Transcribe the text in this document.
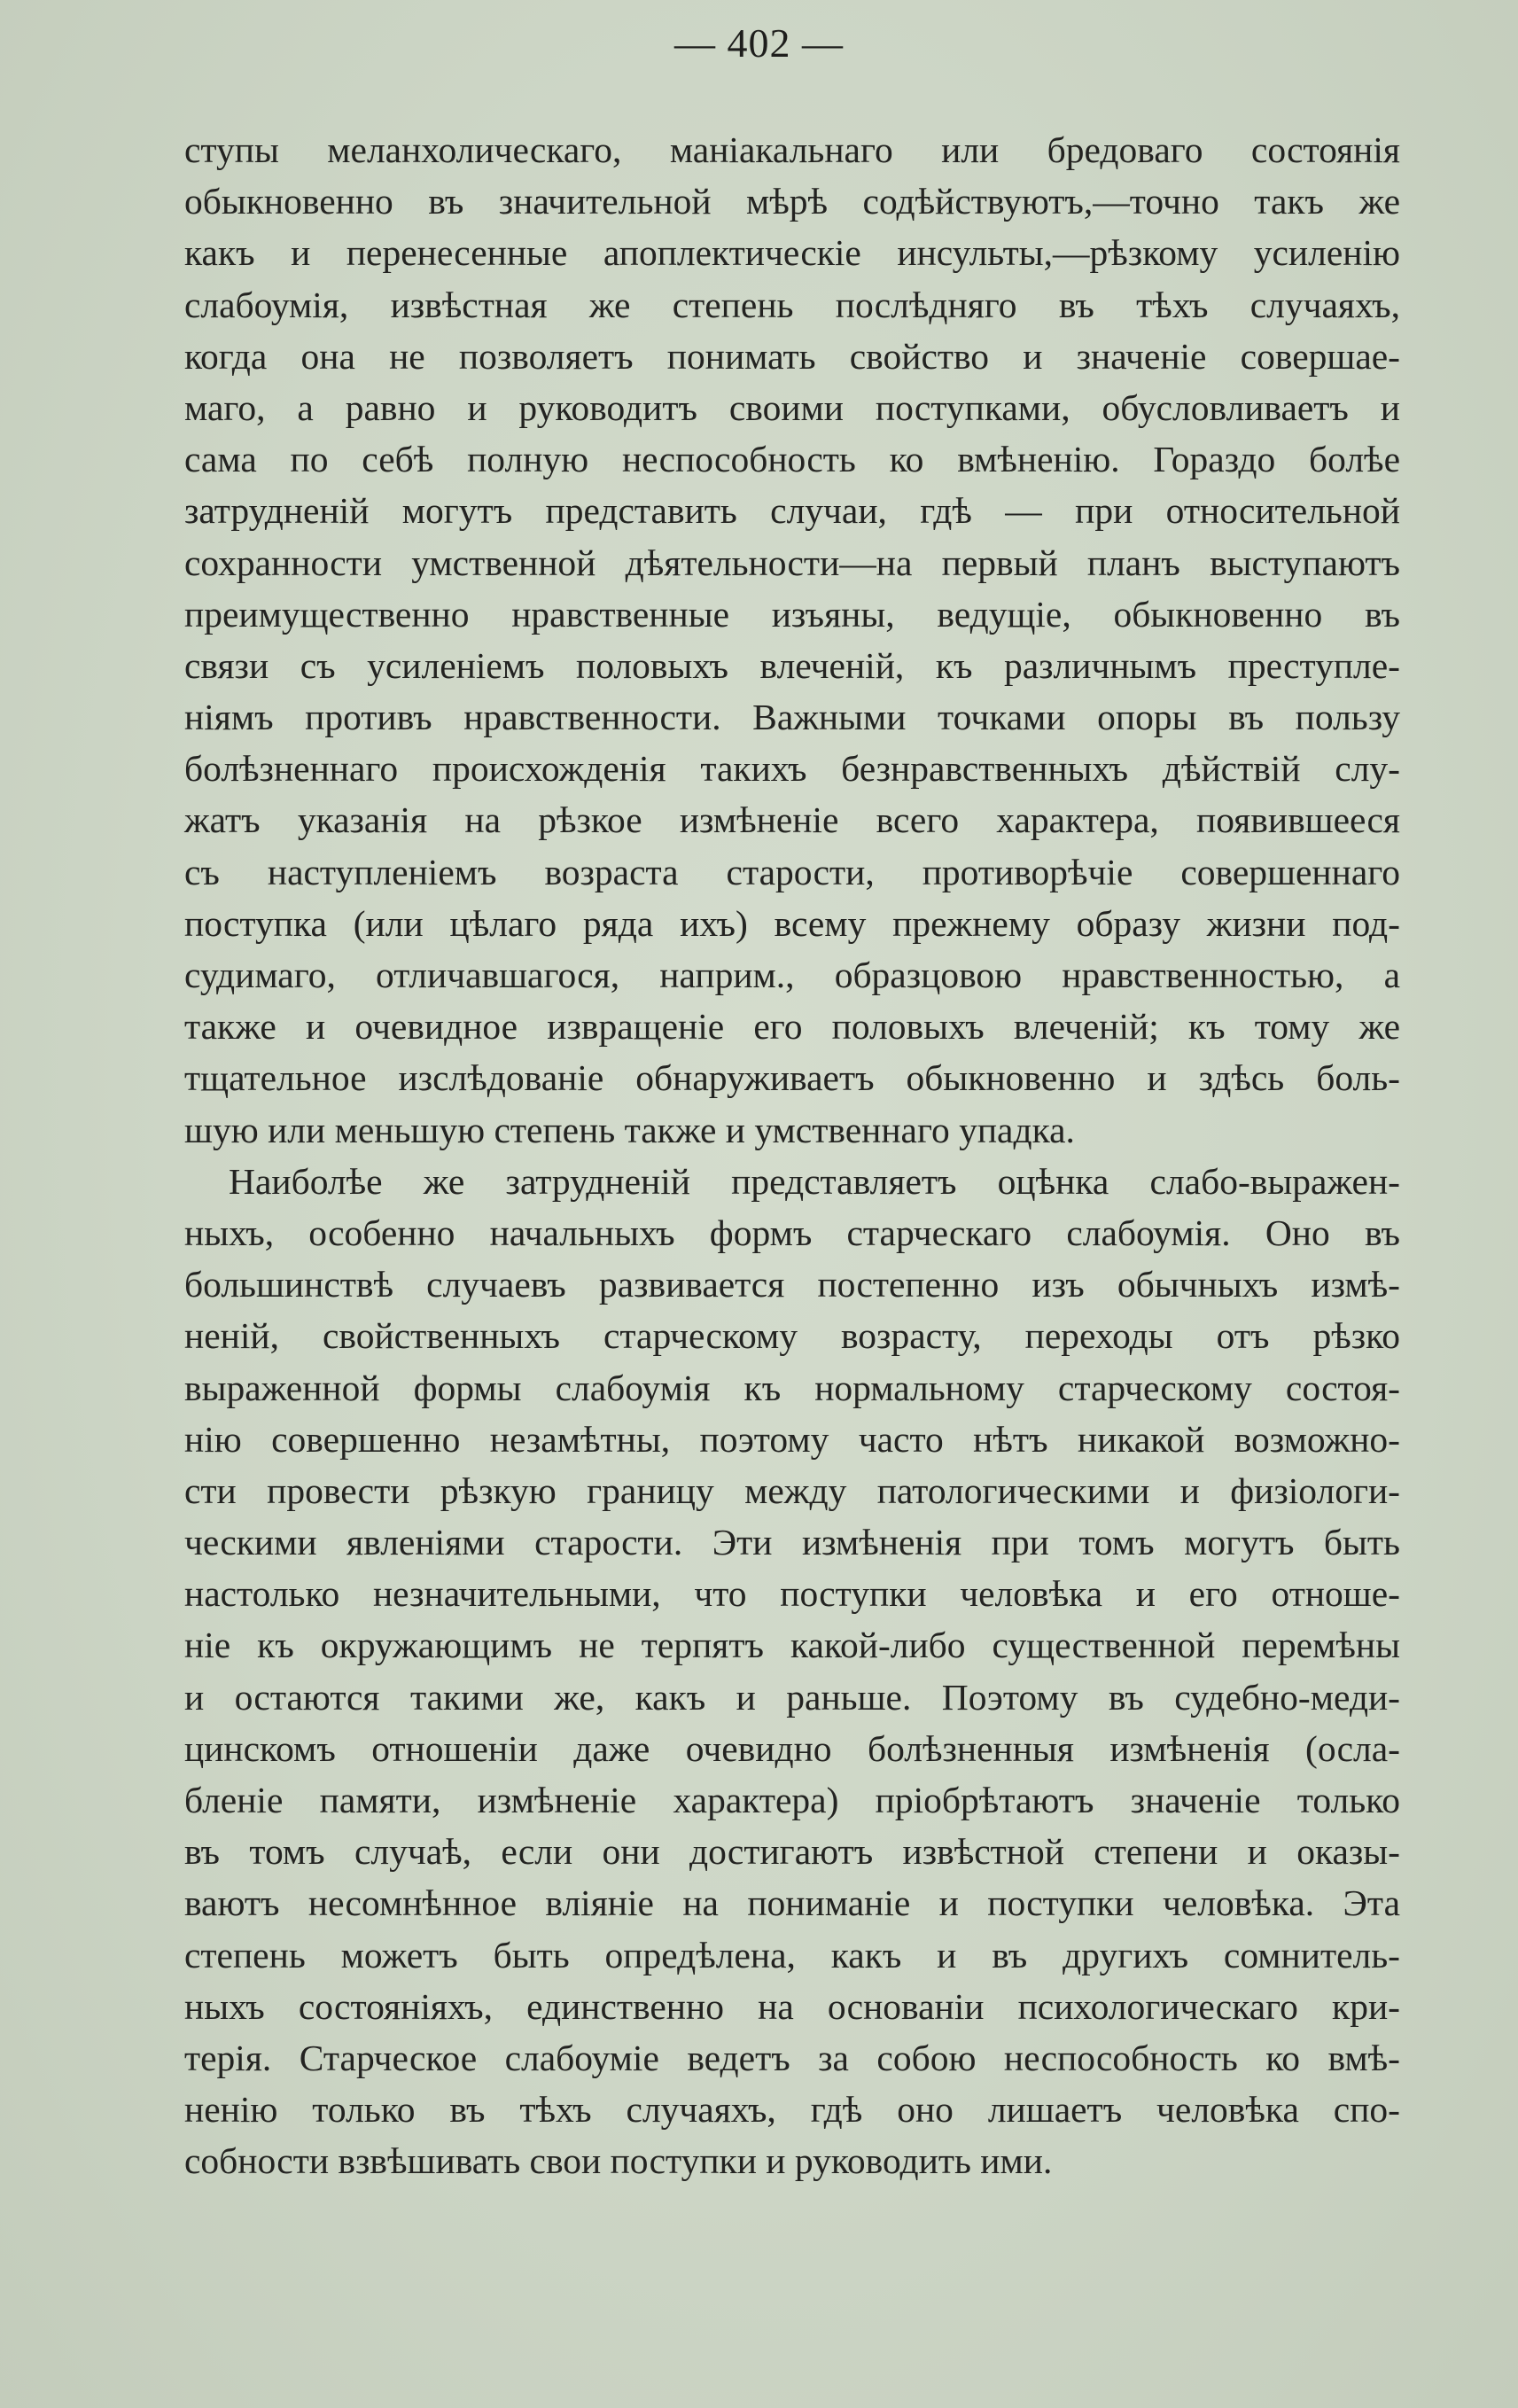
— 402 —
ступы меланхолическаго, маніакальнаго или бредоваго состоянія
обыкновенно въ значительной мѣрѣ содѣйствуютъ,—точно такъ же
какъ и перенесенные апоплектическіе инсульты,—рѣзкому усиленію
слабоумія, извѣстная же степень послѣдняго въ тѣхъ случаяхъ,
когда она не позволяетъ понимать свойство и значеніе совершае-
маго, а равно и руководитъ своими поступками, обусловливаетъ и
сама по себѣ полную неспособность ко вмѣненію. Гораздо болѣе
затрудненій могутъ представить случаи, гдѣ — при относительной
сохранности умственной дѣятельности—на первый планъ выступаютъ
преимущественно нравственные изъяны, ведущіе, обыкновенно въ
связи съ усиленіемъ половыхъ влеченій, къ различнымъ преступле-
ніямъ противъ нравственности. Важными точками опоры въ пользу
болѣзненнаго происхожденія такихъ безнравственныхъ дѣйствій слу-
жатъ указанія на рѣзкое измѣненіе всего характера, появившееся
съ наступленіемъ возраста старости, противорѣчіе совершеннаго
поступка (или цѣлаго ряда ихъ) всему прежнему образу жизни под-
судимаго, отличавшагося, наприм., образцовою нравственностью, а
также и очевидное извращеніе его половыхъ влеченій; къ тому же
тщательное изслѣдованіе обнаруживаетъ обыкновенно и здѣсь боль-
шую или меньшую степень также и умственнаго упадка.
Наиболѣе же затрудненій представляетъ оцѣнка слабо-выражен-
ныхъ, особенно начальныхъ формъ старческаго слабоумія. Оно въ
большинствѣ случаевъ развивается постепенно изъ обычныхъ измѣ-
неній, свойственныхъ старческому возрасту, переходы отъ рѣзко
выраженной формы слабоумія къ нормальному старческому состоя-
нію совершенно незамѣтны, поэтому часто нѣтъ никакой возможно-
сти провести рѣзкую границу между патологическими и физіологи-
ческими явленіями старости. Эти измѣненія при томъ могутъ быть
настолько незначительными, что поступки человѣка и его отноше-
ніе къ окружающимъ не терпятъ какой-либо существенной перемѣны
и остаются такими же, какъ и раньше. Поэтому въ судебно-меди-
цинскомъ отношеніи даже очевидно болѣзненныя измѣненія (осла-
бленіе памяти, измѣненіе характера) пріобрѣтаютъ значеніе только
въ томъ случаѣ, если они достигаютъ извѣстной степени и оказы-
ваютъ несомнѣнное вліяніе на пониманіе и поступки человѣка. Эта
степень можетъ быть опредѣлена, какъ и въ другихъ сомнитель-
ныхъ состояніяхъ, единственно на основаніи психологическаго кри-
терія. Старческое слабоуміе ведетъ за собою неспособность ко вмѣ-
ненію только въ тѣхъ случаяхъ, гдѣ оно лишаетъ человѣка спо-
собности взвѣшивать свои поступки и руководить ими.
